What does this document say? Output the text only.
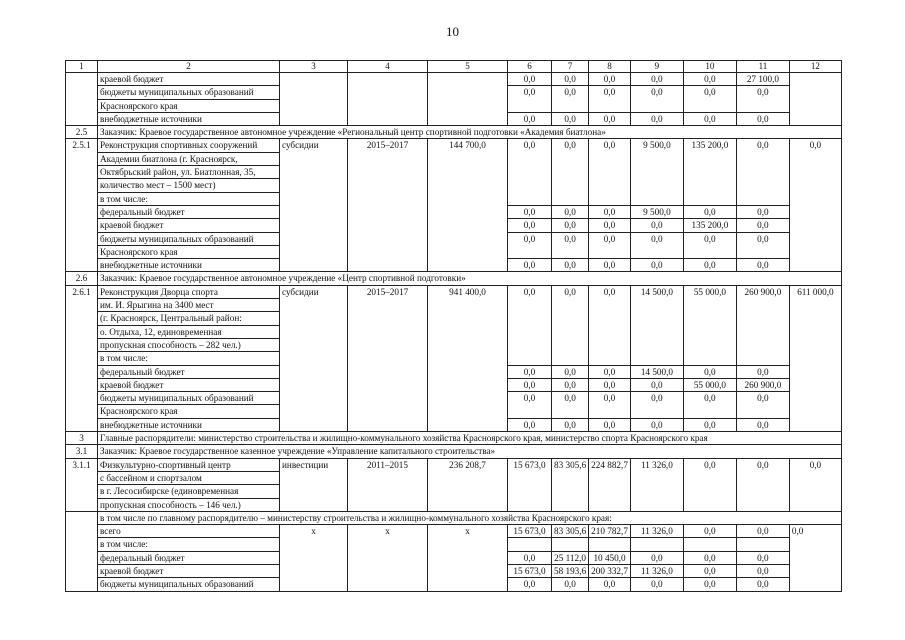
10
1	2	3	4	5	6	7	8	9	10	11	12
	краевой бюджет				0,0	0,0	0,0	0,0	0,0	27 100,0	
	бюджеты муниципальных образований				0,0	0,0	0,0	0,0	0,0	0,0	
	Красноярского края										
	внебюджетные источники				0,0	0,0	0,0	0,0	0,0	0,0	
2.5	Заказчик: Краевое государственное автономное учреждение «Региональный центр спортивной подготовки «Академия биатлона»										
2.5.1	Реконструкция спортивных сооружений	субсидии	2015–2017	144 700,0	0,0	0,0	0,0	9 500,0	135 200,0	0,0	0,0
	Академии биатлона (г. Красноярск,										
	Октябрьский район, ул. Биатлонная, 35,										
	количество мест – 1500 мест)										
	в том числе:										
	федеральный бюджет				0,0	0,0	0,0	9 500,0	0,0	0,0	
	краевой бюджет				0,0	0,0	0,0	0,0	135 200,0	0,0	
	бюджеты муниципальных образований				0,0	0,0	0,0	0,0	0,0	0,0	
	Красноярского края										
	внебюджетные источники				0,0	0,0	0,0	0,0	0,0	0,0	
2.6	Заказчик: Краевое государственное автономное учреждение «Центр спортивной подготовки»										
2.6.1	Реконструкция Дворца спорта	субсидии	2015–2017	941 400,0	0,0	0,0	0,0	14 500,0	55 000,0	260 900,0	611 000,0
	им. И. Ярыгина на 3400 мест										
	(г. Красноярск, Центральный район:										
	о. Отдыха, 12, единовременная										
	пропускная способность – 282 чел.)										
	в том числе:										
	федеральный бюджет				0,0	0,0	0,0	14 500,0	0,0	0,0	
	краевой бюджет				0,0	0,0	0,0	0,0	55 000,0	260 900,0	
	бюджеты муниципальных образований				0,0	0,0	0,0	0,0	0,0	0,0	
	Красноярского края										
	внебюджетные источники				0,0	0,0	0,0	0,0	0,0	0,0	
3	Главные распорядители: министерство строительства и жилищно-коммунального хозяйства Красноярского края, министерство спорта Красноярского края										
3.1	Заказчик: Краевое государственное казенное учреждение «Управление капитального строительства»										
3.1.1	Физкультурно-спортивный центр	инвестиции	2011–2015	236 208,7	15 673,0	83 305,6	224 882,7	11 326,0	0,0	0,0	0,0
	с бассейном и спортзалом										
	в г. Лесосибирске (единовременная										
	пропускная способность – 146 чел.)										
	в том числе по главному распорядителю – министерству строительства и жилищно-коммунального хозяйства Красноярского края:										
	всего	х	х	х	15 673,0	83 305,6	210 782,7	11 326,0	0,0	0,0	0,0
	в том числе:										
	федеральный бюджет				0,0	25 112,0	10 450,0	0,0	0,0	0,0	
	краевой бюджет				15 673,0	58 193,6	200 332,7	11 326,0	0,0	0,0	
	бюджеты муниципальных образований				0,0	0,0	0,0	0,0	0,0	0,0	
